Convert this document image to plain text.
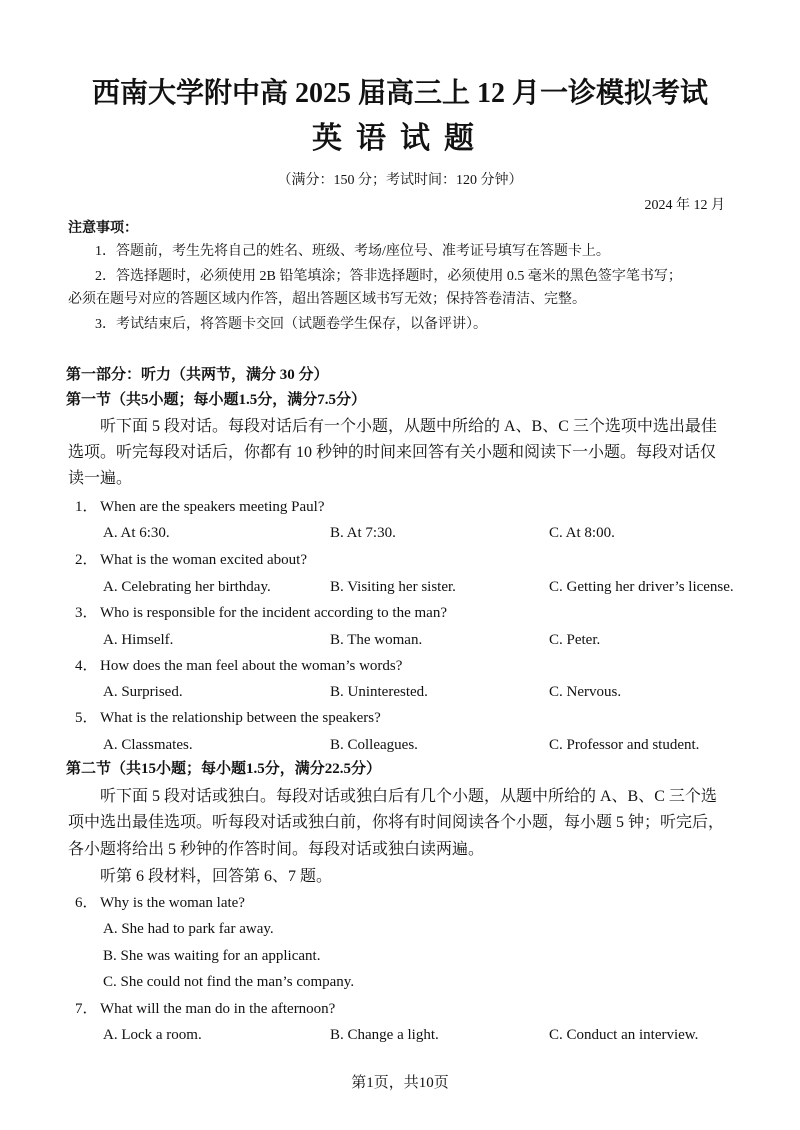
西南大学附中高 2025 届高三上 12 月一诊模拟考试
英语试题
（满分：150 分；考试时间：120 分钟）
2024 年 12 月
注意事项：
1．答题前，考生先将自己的姓名、班级、考场/座位号、准考证号填写在答题卡上。
2．答选择题时，必须使用 2B 铅笔填涂；答非选择题时，必须使用 0.5 毫米的黑色签字笔书写；
必须在题号对应的答题区域内作答，超出答题区域书写无效；保持答卷清洁、完整。
3．考试结束后，将答题卡交回（试题卷学生保存，以备评讲）。
第一部分：听力（共两节，满分 30 分）
第一节（共5小题；每小题1.5分，满分7.5分）
听下面 5 段对话。每段对话后有一个小题，从题中所给的 A、B、C 三个选项中选出最佳
选项。听完每段对话后，你都有 10 秒钟的时间来回答有关小题和阅读下一小题。每段对话仅
读一遍。
1． When are the speakers meeting Paul?
A. At 6:30.	B. At 7:30.	C. At 8:00.
2． What is the woman excited about?
A. Celebrating her birthday.	B. Visiting her sister.	C. Getting her driver’s license.
3． Who is responsible for the incident according to the man?
A. Himself.	B. The woman.	C. Peter.
4． How does the man feel about the woman’s words?
A. Surprised.	B. Uninterested.	C. Nervous.
5． What is the relationship between the speakers?
A. Classmates.	B. Colleagues.	C. Professor and student.
6． Why is the woman late?
A. She had to park far away.
B. She was waiting for an applicant.
C. She could not find the man’s company.
7． What will the man do in the afternoon?
A. Lock a room.	B. Change a light.	C. Conduct an interview.
第二节（共15小题；每小题1.5分，满分22.5分）
听下面 5 段对话或独白。每段对话或独白后有几个小题，从题中所给的 A、B、C 三个选
项中选出最佳选项。听每段对话或独白前，你将有时间阅读各个小题，每小题 5 钟；听完后，
各小题将给出 5 秒钟的作答时间。每段对话或独白读两遍。
听第 6 段材料，回答第 6、7 题。
第1页，共10页
